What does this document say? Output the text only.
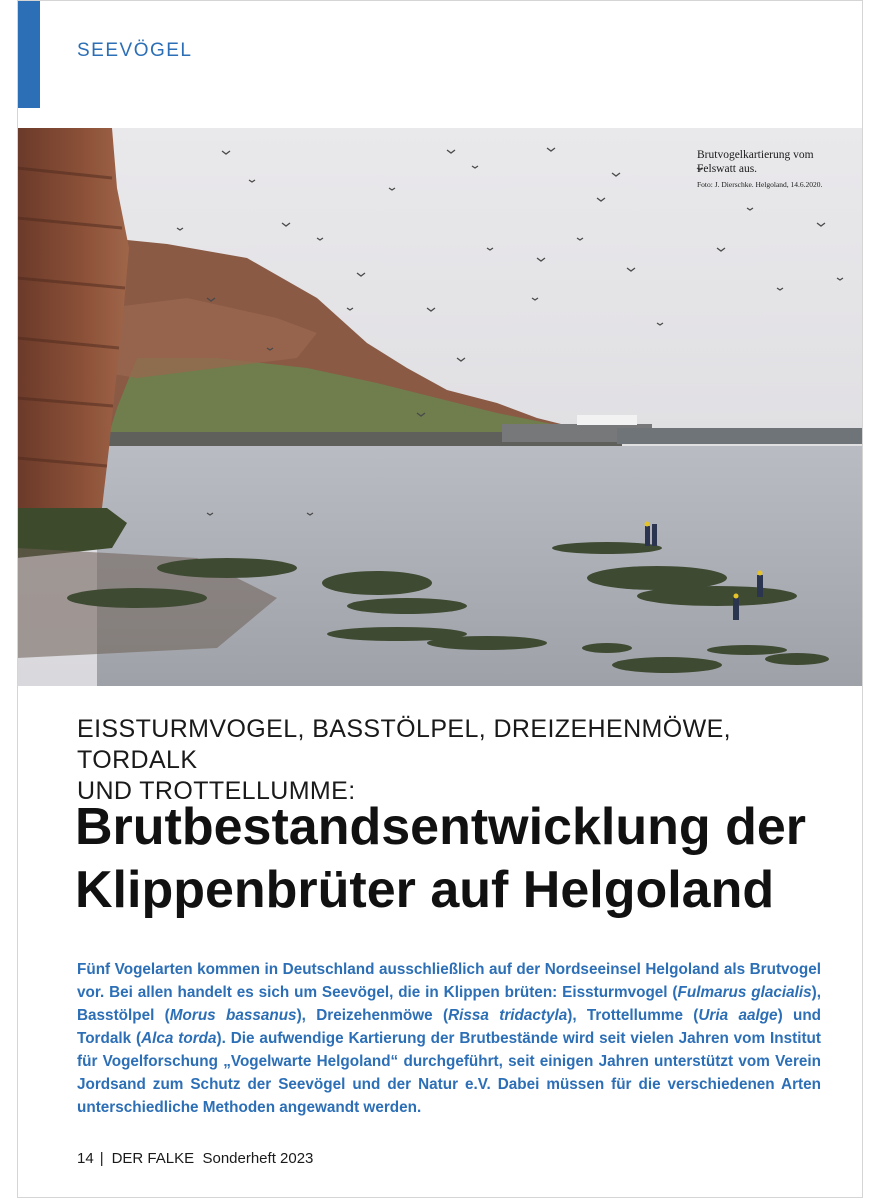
SEEVÖGEL
Brutvogelkartierung vom Felswatt aus.
Foto: J. Dierschke. Helgoland, 14.6.2020.
EISSTURMVOGEL, BASSTÖLPEL, DREIZEHENMÖWE, TORDALK
UND TROTTELLUMME:
Brutbestandsentwicklung der
Klippenbrüter auf Helgoland

Fünf Vogelarten kommen in Deutschland ausschließlich auf der Nordseeinsel Helgoland als Brutvogel vor. Bei allen handelt es sich um Seevögel, die in Klippen brüten: Eissturmvogel (Fulmarus glacialis), Basstölpel (Morus bassanus), Dreizehenmöwe (Rissa tridactyla), Trottellumme (Uria aalge) und Tordalk (Alca torda). Die aufwendige Kartierung der Brutbestände wird seit vielen Jahren vom Institut für Vogelforschung „Vogelwarte Helgoland“ durchgeführt, seit einigen Jahren unterstützt vom Verein Jordsand zum Schutz der Seevögel und der Natur e.V. Dabei müssen für die verschiedenen Arten unterschiedliche Methoden angewandt werden.

14 | DER FALKE Sonderheft 2023
